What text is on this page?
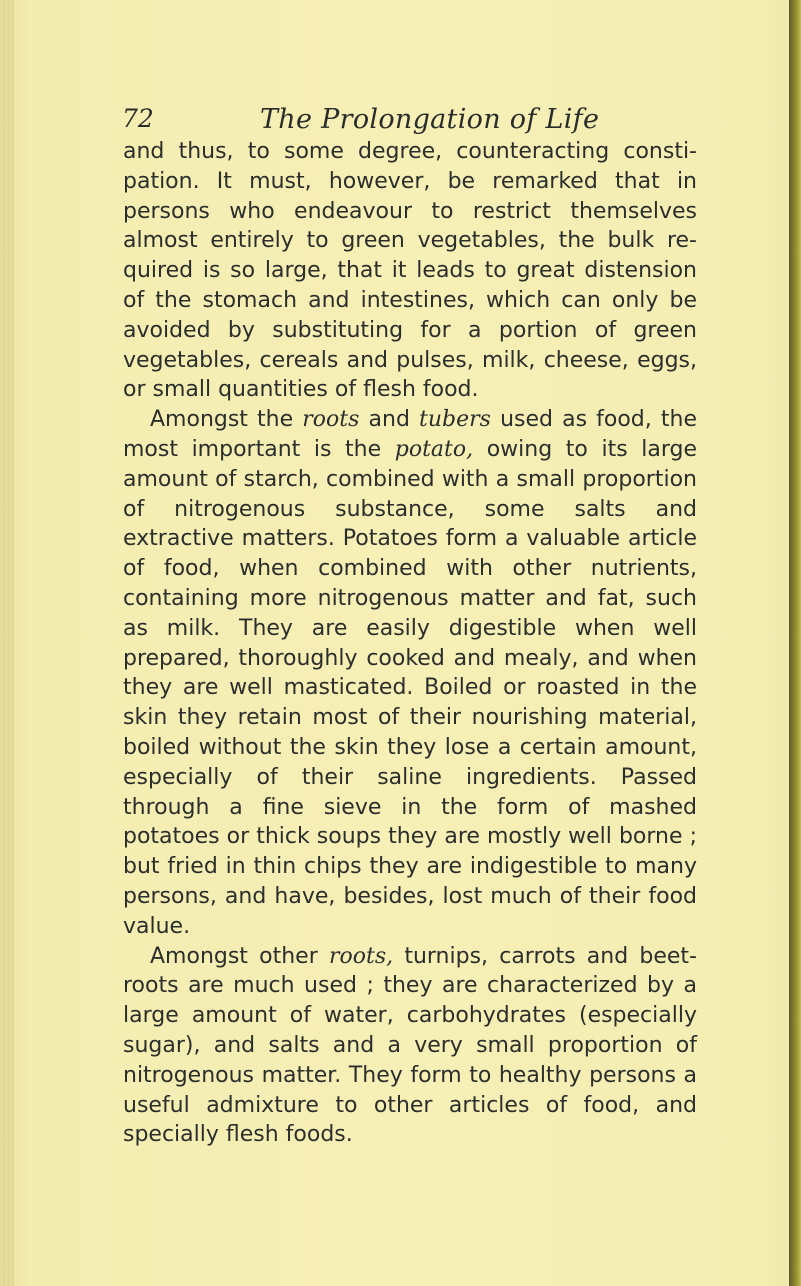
72	The Prolongation of Life

and thus, to some degree, counteracting consti-pation. It must, however, be remarked that in persons who endeavour to restrict themselves almost entirely to green vegetables, the bulk re-quired is so large, that it leads to great distension of the stomach and intestines, which can only be avoided by substituting for a portion of green vegetables, cereals and pulses, milk, cheese, eggs, or small quantities of flesh food.

Amongst the roots and tubers used as food, the most important is the potato, owing to its large amount of starch, combined with a small proportion of nitrogenous substance, some salts and extractive matters. Potatoes form a valuable article of food, when combined with other nutrients, containing more nitrogenous matter and fat, such as milk. They are easily digestible when well prepared, thoroughly cooked and mealy, and when they are well masticated. Boiled or roasted in the skin they retain most of their nourishing material, boiled without the skin they lose a certain amount, especially of their saline ingredients. Passed through a fine sieve in the form of mashed potatoes or thick soups they are mostly well borne ; but fried in thin chips they are indigestible to many persons, and have, besides, lost much of their food value.

Amongst other roots, turnips, carrots and beet-roots are much used ; they are characterized by a large amount of water, carbohydrates (especially sugar), and salts and a very small proportion of nitrogenous matter. They form to healthy persons a useful admixture to other articles of food, and specially flesh foods.
